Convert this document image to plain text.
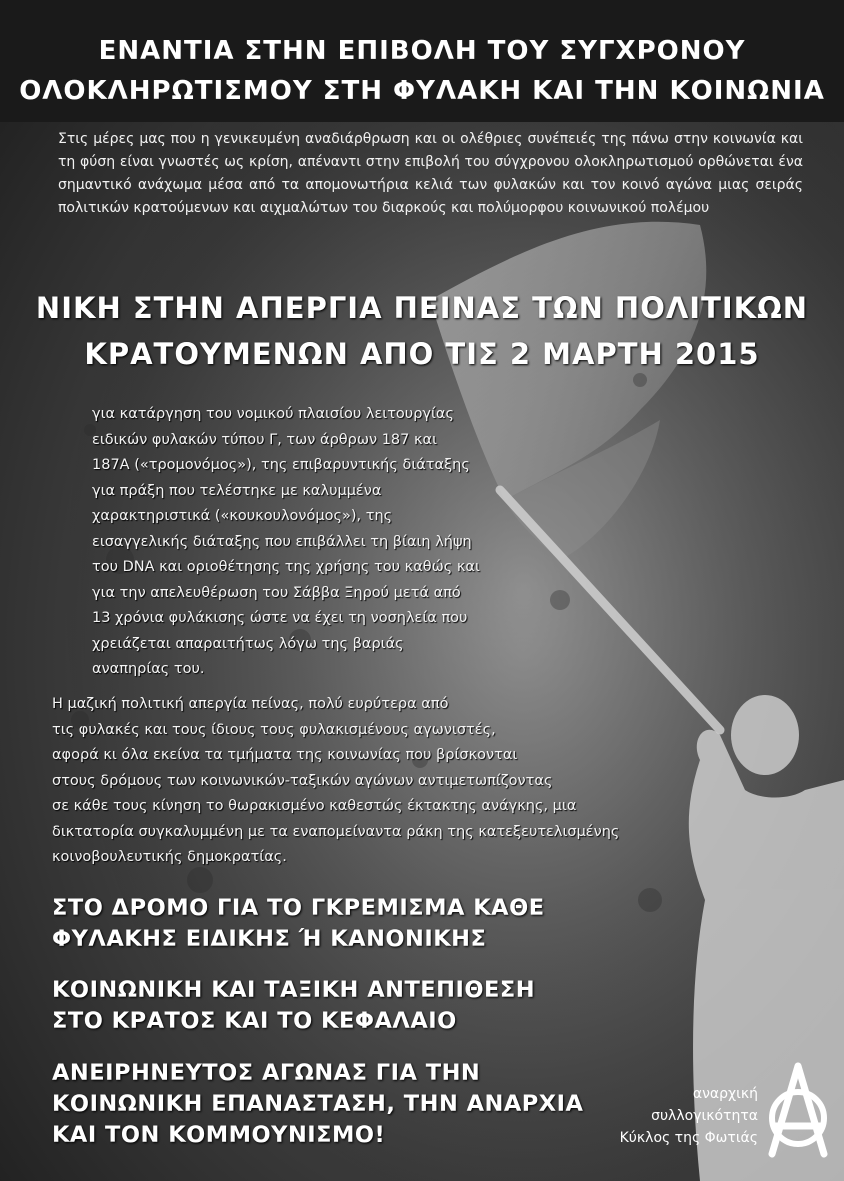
ΕΝΑΝΤΙΑ ΣΤΗΝ ΕΠΙΒΟΛΗ ΤΟΥ ΣΥΓΧΡΟΝΟΥ
ΟΛΟΚΛΗΡΩΤΙΣΜΟΥ ΣΤΗ ΦΥΛΑΚΗ ΚΑΙ ΤΗΝ ΚΟΙΝΩΝΙΑ
Στις μέρες μας που η γενικευμένη αναδιάρθρωση και οι ολέθριες συνέπειές της πάνω στην κοινωνία και τη φύση είναι γνωστές ως κρίση, απέναντι στην επιβολή του σύγχρονου ολοκληρωτισμού ορθώνεται ένα σημαντικό ανάχωμα μέσα από τα απομονωτήρια κελιά των φυλακών και τον κοινό αγώνα μιας σειράς πολιτικών κρατούμενων και αιχμαλώτων του διαρκούς και πολύμορφου κοινωνικού πολέμου
ΝΙΚΗ ΣΤΗΝ ΑΠΕΡΓΙΑ ΠΕΙΝΑΣ ΤΩΝ ΠΟΛΙΤΙΚΩΝ
ΚΡΑΤΟΥΜΕΝΩΝ ΑΠΟ ΤΙΣ 2 ΜΑΡΤΗ 2015
για κατάργηση του νομικού πλαισίου λειτουργίας
ειδικών φυλακών τύπου Γ, των άρθρων 187 και
187Α («τρομονόμος»), της επιβαρυντικής διάταξης
για πράξη που τελέστηκε με καλυμμένα
χαρακτηριστικά («κουκουλονόμος»), της
εισαγγελικής διάταξης που επιβάλλει τη βίαιη λήψη
του DNA και οριοθέτησης της χρήσης του καθώς και
για την απελευθέρωση του Σάββα Ξηρού μετά από
13 χρόνια φυλάκισης ώστε να έχει τη νοσηλεία που
χρειάζεται απαραιτήτως λόγω της βαριάς
αναπηρίας του.
Η μαζική πολιτική απεργία πείνας, πολύ ευρύτερα από
τις φυλακές και τους ίδιους τους φυλακισμένους αγωνιστές,
αφορά κι όλα εκείνα τα τμήματα της κοινωνίας που βρίσκονται
στους δρόμους των κοινωνικών-ταξικών αγώνων αντιμετωπίζοντας
σε κάθε τους κίνηση το θωρακισμένο καθεστώς έκτακτης ανάγκης, μια
δικτατορία συγκαλυμμένη με τα εναπομείναντα ράκη της κατεξευτελισμένης
κοινοβουλευτικής δημοκρατίας.
ΣΤΟ ΔΡΟΜΟ ΓΙΑ ΤΟ ΓΚΡΕΜΙΣΜΑ ΚΑΘΕ
ΦΥΛΑΚΗΣ ΕΙΔΙΚΗΣ Ή ΚΑΝΟΝΙΚΗΣ
ΚΟΙΝΩΝΙΚΗ ΚΑΙ ΤΑΞΙΚΗ ΑΝΤΕΠΙΘΕΣΗ
ΣΤΟ ΚΡΑΤΟΣ ΚΑΙ ΤΟ ΚΕΦΑΛΑΙΟ
ΑΝΕΙΡΗΝΕΥΤΟΣ ΑΓΩΝΑΣ ΓΙΑ ΤΗΝ
ΚΟΙΝΩΝΙΚΗ ΕΠΑΝΑΣΤΑΣΗ, ΤΗΝ ΑΝΑΡΧΙΑ
ΚΑΙ ΤΟΝ ΚΟΜΜΟΥΝΙΣΜΟ!
αναρχική
συλλογικότητα
Κύκλος της Φωτιάς
